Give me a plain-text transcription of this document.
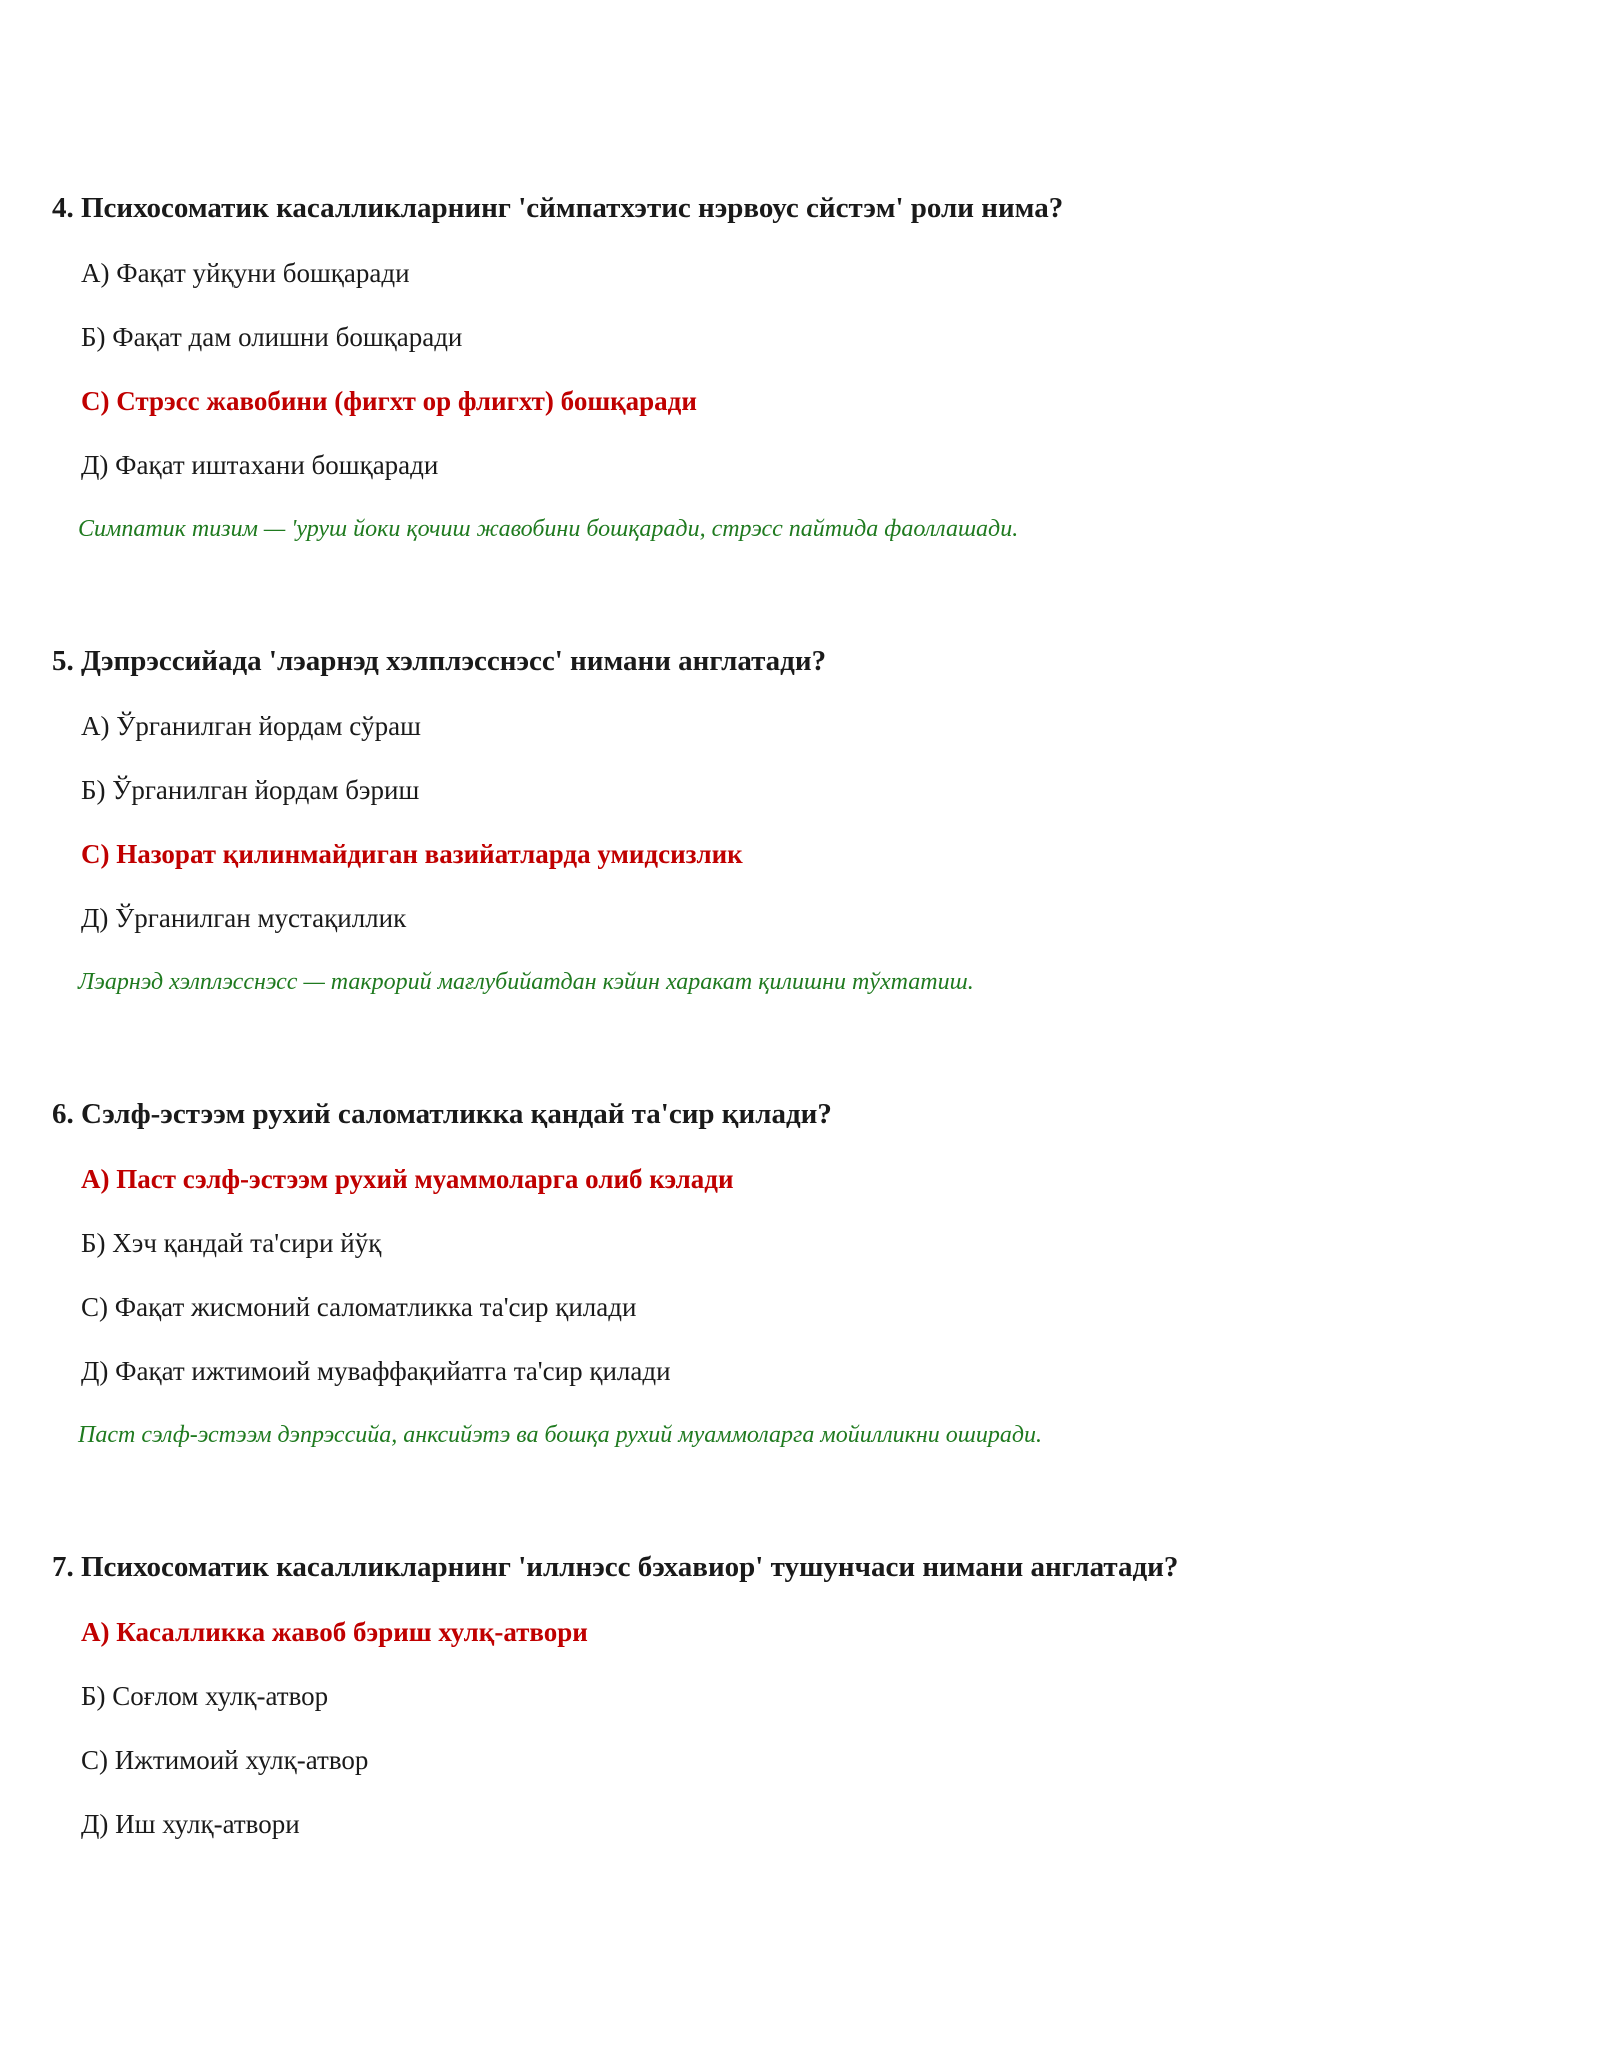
4. Психосоматик касалликларнинг 'сймпатхэтис нэрвоус сйстэм' роли нима?

А) Фақат уйқуни бошқаради
Б) Фақат дам олишни бошқаради
С) Стрэсс жавобини (фигхт ор флигхт) бошқаради
Д) Фақат иштахани бошқаради
Симпатик тизим — 'уруш йоки қочиш жавобини бошқаради, стрэсс пайтида фаоллашади.

5. Дэпрэссийада 'лэарнэд хэлплэсснэсс' нимани англатади?

А) Ўрганилган йордам сўраш
Б) Ўрганилган йордам бэриш
С) Назорат қилинмайдиган вазийатларда умидсизлик
Д) Ўрганилган мустақиллик
Лэарнэд хэлплэсснэсс — такрорий мағлубийатдан кэйин харакат қилишни тўхтатиш.

6. Сэлф-эстээм рухий саломатликка қандай та'сир қилади?

А) Паст сэлф-эстээм рухий муаммоларга олиб кэлади
Б) Хэч қандай та'сири йўқ
С) Фақат жисмоний саломатликка та'сир қилади
Д) Фақат ижтимоий муваффақийатга та'сир қилади
Паст сэлф-эстээм дэпрэссийа, анксийэтэ ва бошқа рухий муаммоларга мойилликни оширади.

7. Психосоматик касалликларнинг 'иллнэсс бэхавиор' тушунчаси нимани англатади?

А) Касалликка жавоб бэриш хулқ-атвори
Б) Соғлом хулқ-атвор
С) Ижтимоий хулқ-атвор
Д) Иш хулқ-атвори
